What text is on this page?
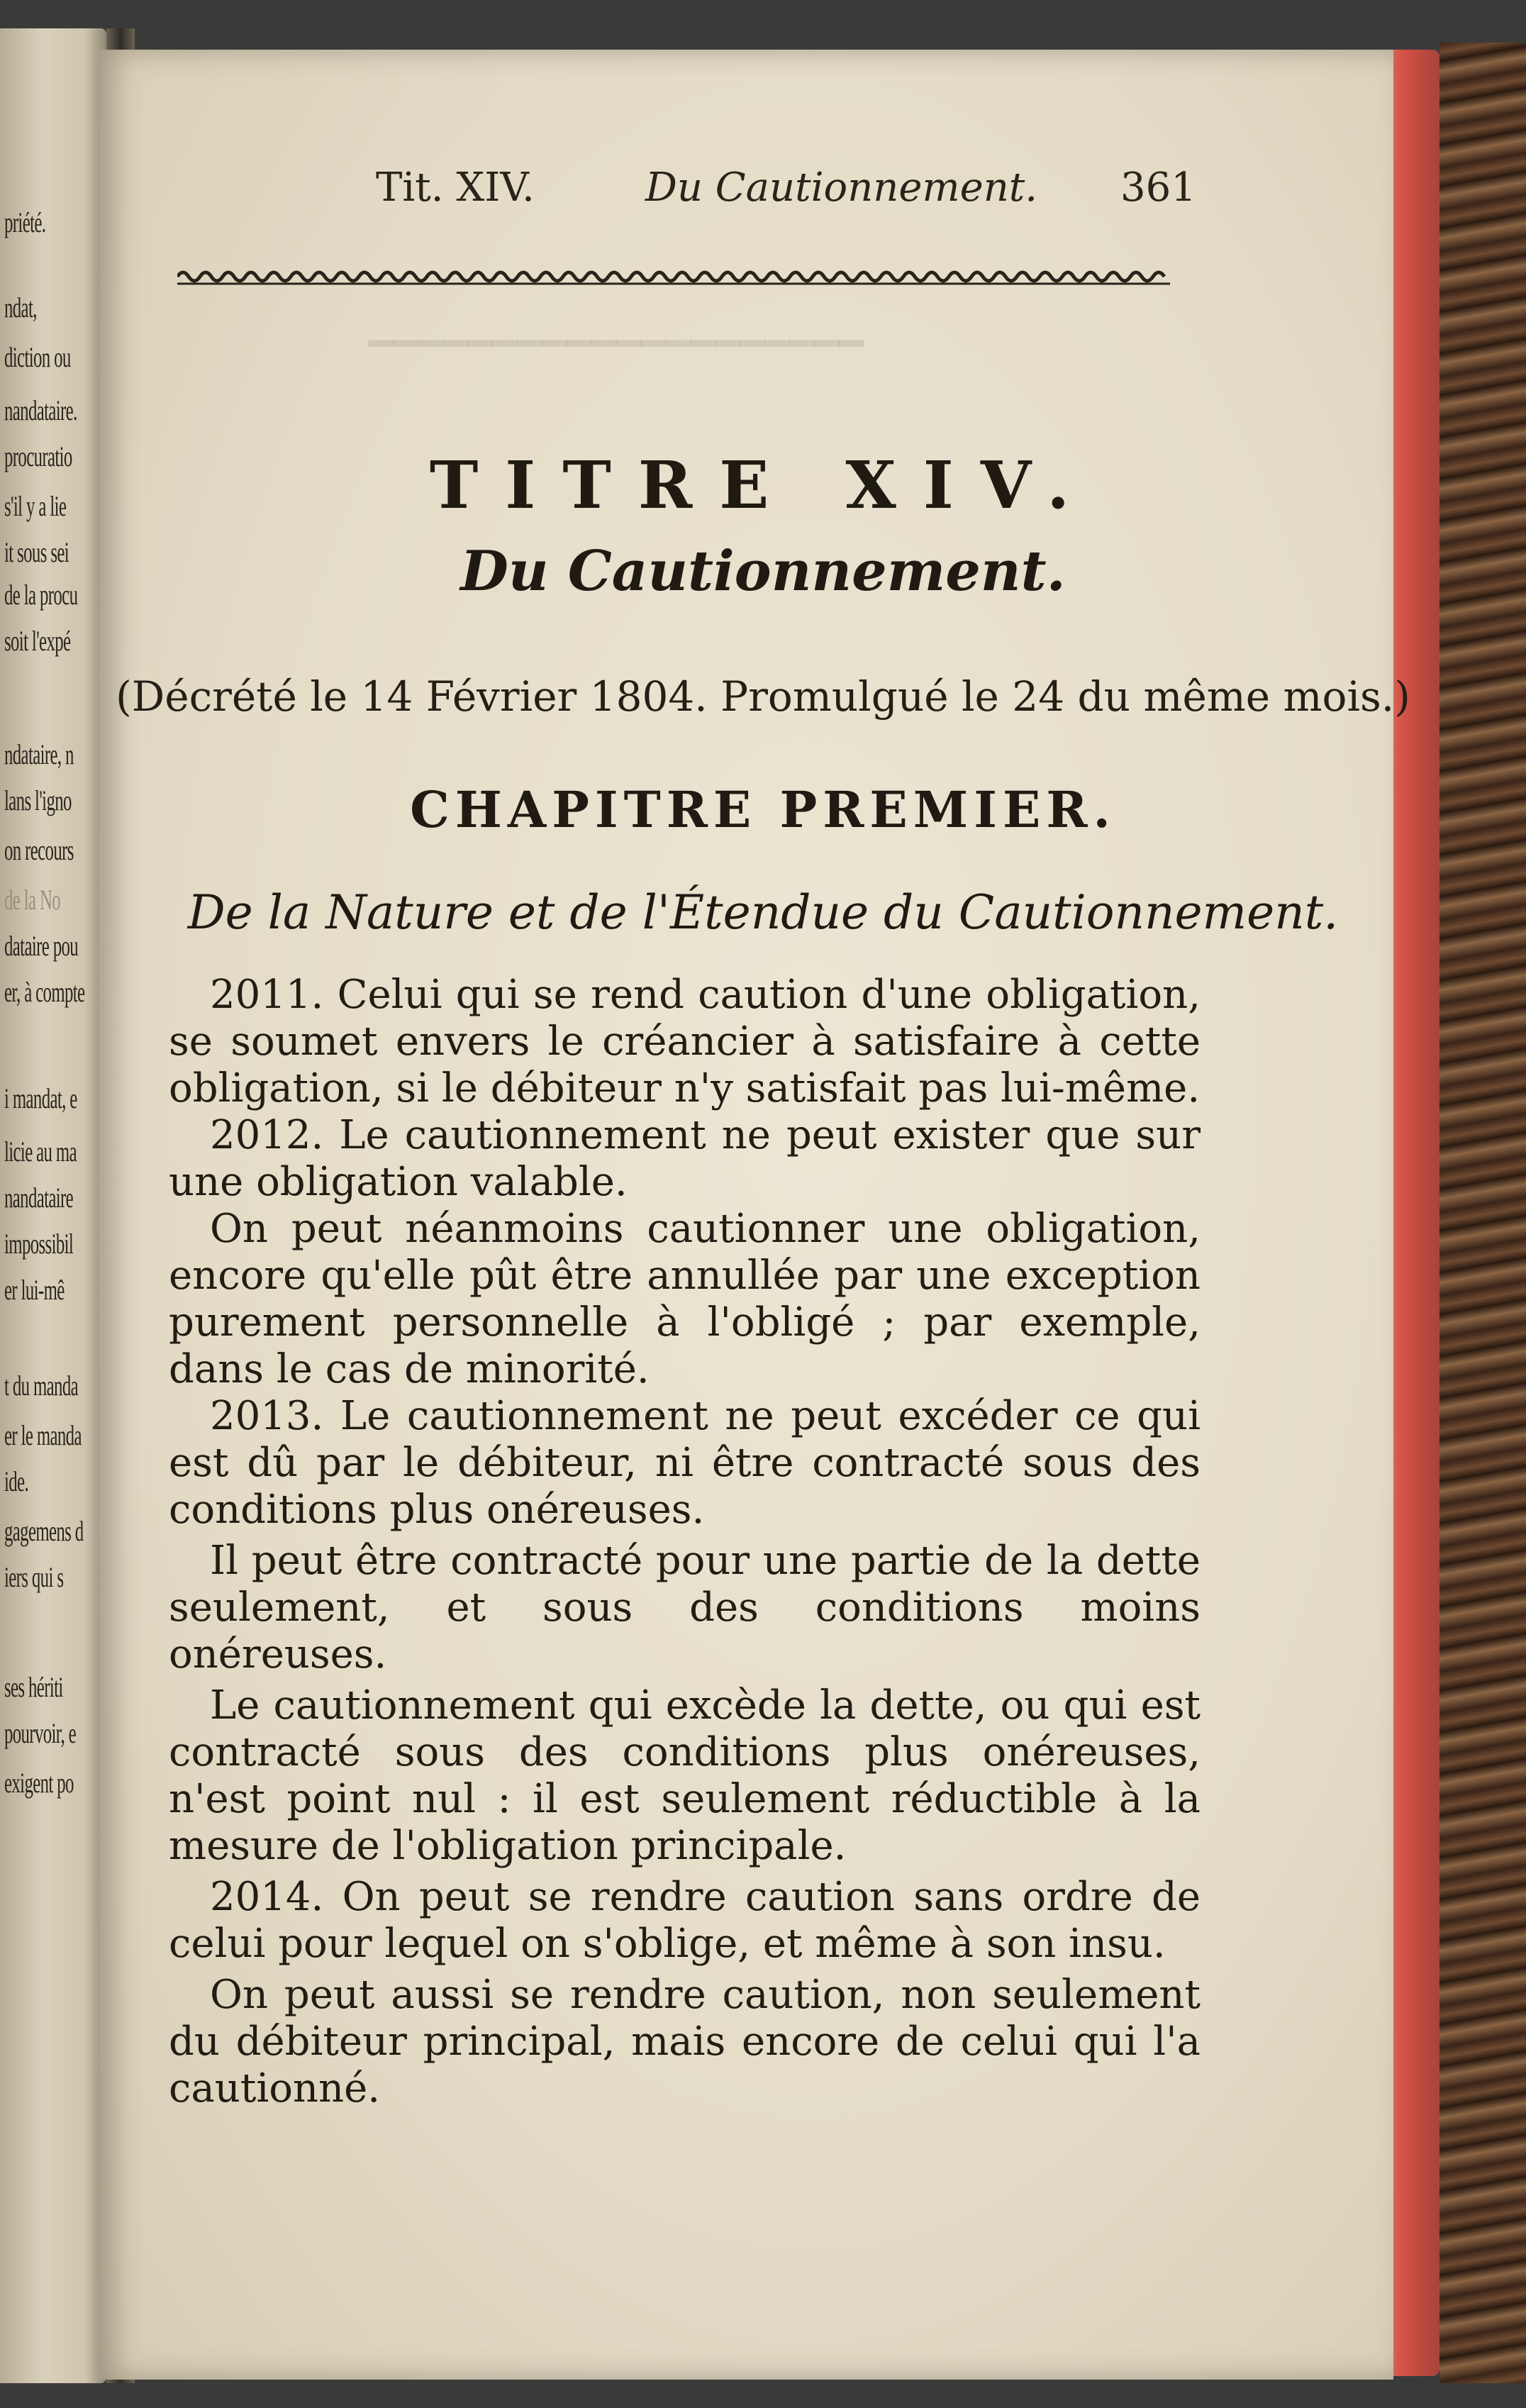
priété.
ndat,
diction ou
nandataire.
procuratio
s'il y a lie
it sous sei
de la procu
soit l'expé
ndataire, n
lans l'igno
on recours
de la No
dataire pou
er, à compte
i mandat, e
licie au ma
nandataire
impossibil
er lui-mê
t du manda
er le manda
ide.
gagemens d
iers qui s
ses hériti
pourvoir, e
exigent po
━━━━━━━━━━━━━━━━━━━━
Tit. XIV.	Du Cautionnement. 361
TITRE XIV.
Du Cautionnement.
(Décrété le 14 Février 1804. Promulgué le 24 du même mois.)
CHAPITRE PREMIER.
De la Nature et de l'Étendue du Cautionnement.

2011. Celui qui se rend caution d'une obligation, se soumet envers le créancier à satisfaire à cette obligation, si le débiteur n'y satisfait pas lui-même.

2012. Le cautionnement ne peut exister que sur une obligation valable.

On peut néanmoins cautionner une obligation, encore qu'elle pût être annullée par une exception purement personnelle à l'obligé ; par exemple, dans le cas de minorité.

2013. Le cautionnement ne peut excéder ce qui est dû par le débiteur, ni être contracté sous des conditions plus onéreuses.

Il peut être contracté pour une partie de la dette seulement, et sous des conditions moins onéreuses.

Le cautionnement qui excède la dette, ou qui est contracté sous des conditions plus onéreuses, n'est point nul : il est seulement réductible à la mesure de l'obligation principale.

2014. On peut se rendre caution sans ordre de celui pour lequel on s'oblige, et même à son insu.

On peut aussi se rendre caution, non seulement du débiteur principal, mais encore de celui qui l'a cautionné.
